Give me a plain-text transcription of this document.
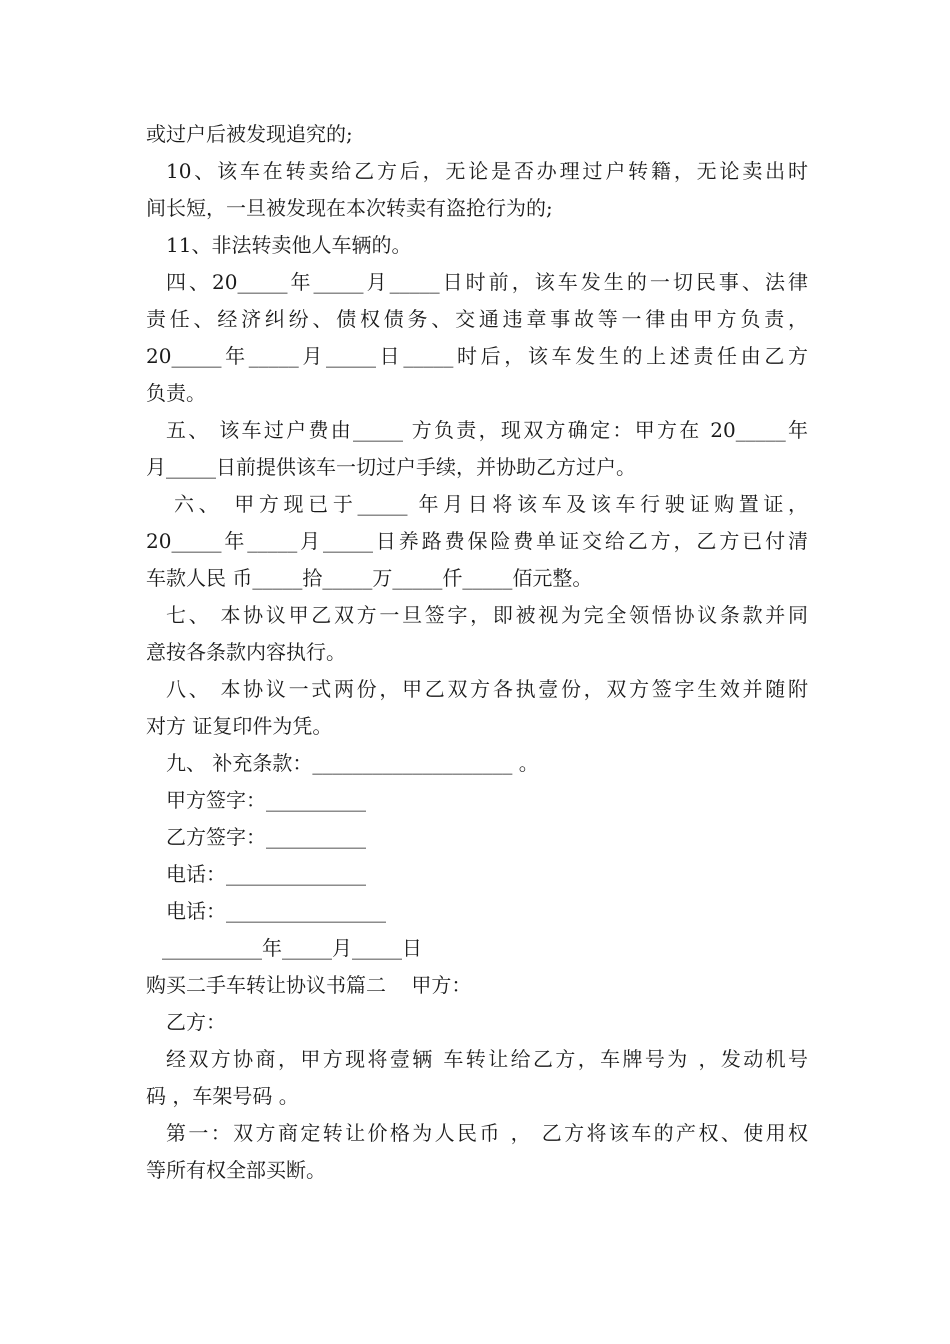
或过户后被发现追究的;
10、该车在转卖给乙方后，无论是否办理过户转籍，无论卖出时
间长短，一旦被发现在本次转卖有盗抢行为的;
11、非法转卖他人车辆的。
四、20_____年_____月_____日时前，该车发生的一切民事、法律
责任、经济纠纷、债权债务、交通违章事故等一律由甲方负责，
20_____年_____月_____日_____时后，该车发生的上述责任由乙方
负责。
五、 该车过户费由_____ 方负责，现双方确定：甲方在 20_____年
月_____日前提供该车一切过户手续，并协助乙方过户。
六、 甲方现已于_____ 年月日将该车及该车行驶证购置证，
20_____年_____月_____日养路费保险费单证交给乙方，乙方已付清
车款人民 币_____拾_____万_____仟_____佰元整。
七、 本协议甲乙双方一旦签字，即被视为完全领悟协议条款并同
意按各条款内容执行。
八、 本协议一式两份，甲乙双方各执壹份，双方签字生效并随附
对方 证复印件为凭。
九、 补充条款：____________________ 。
甲方签字：__________
乙方签字：__________
电话：______________
电话：________________
__________年_____月_____日
购买二手车转让协议书篇二    甲方：
乙方：
经双方协商，甲方现将壹辆 车转让给乙方，车牌号为 ，发动机号
码 ，车架号码 。
第一：双方商定转让价格为人民币 ， 乙方将该车的产权、使用权
等所有权全部买断。
